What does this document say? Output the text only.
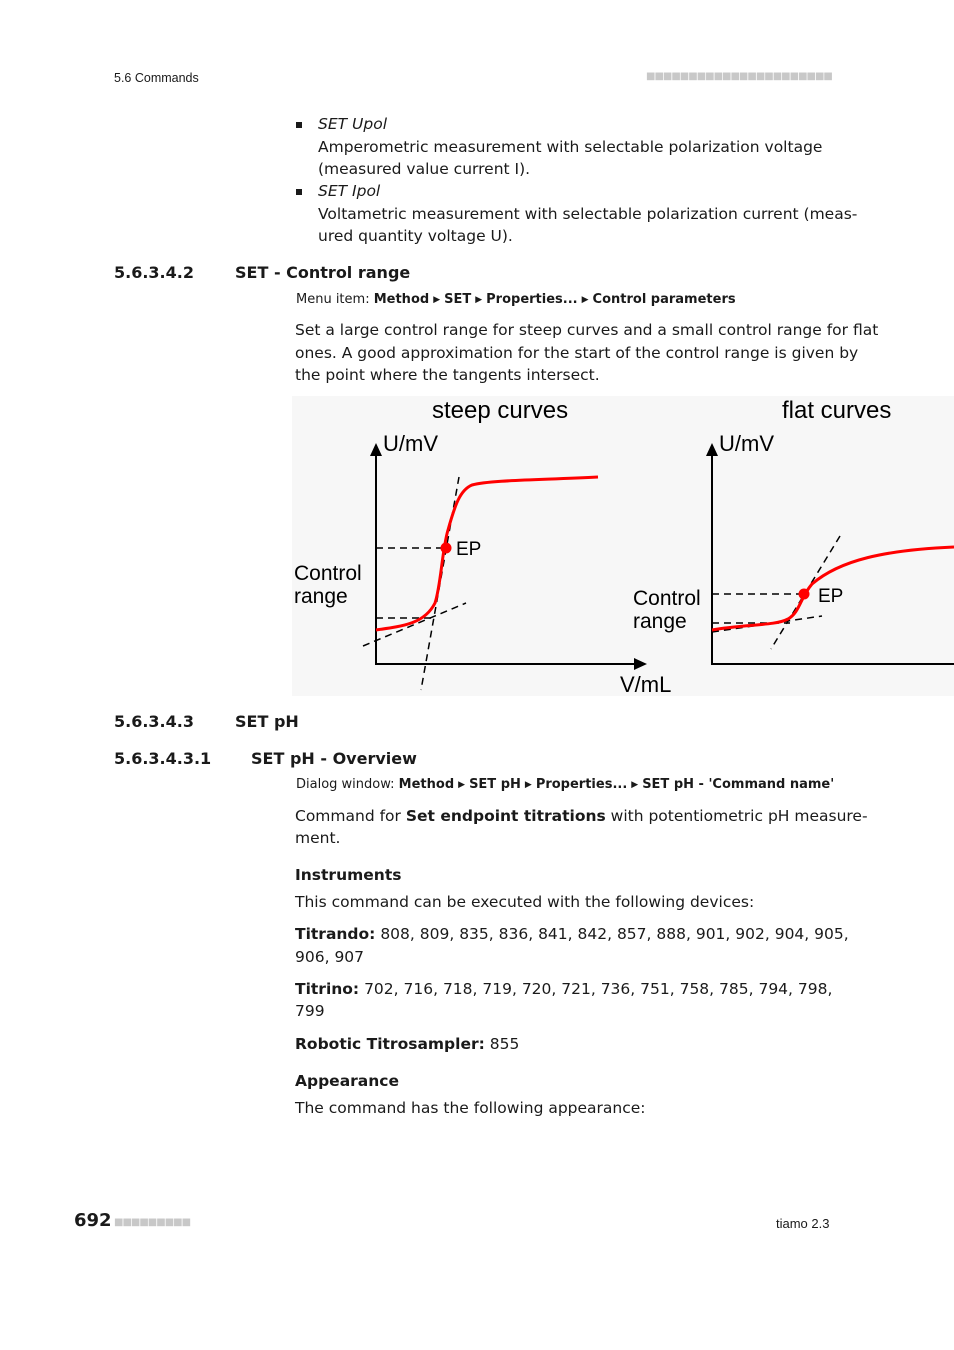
5.6 Commands	■■■■■■■■■■■■■■■■■■■■■■
SET Upol
Amperometric measurement with selectable polarization voltage
(measured value current I).
SET Ipol
Voltametric measurement with selectable polarization current (meas-
ured quantity voltage U).
5.6.3.4.2	SET - Control range
Menu item: Method ▶ SET ▶ Properties... ▶ Control parameters
Set a large control range for steep curves and a small control range for flat
ones. A good approximation for the start of the control range is given by
the point where the tangents intersect.
steep curves
U/mV
V/mL
EP
Control
range
flat curves
U/mV
EP
Control
range
5.6.3.4.3	SET pH
5.6.3.4.3.1 SET pH - Overview
Dialog window: Method ▶ SET pH ▶ Properties... ▶ SET pH - 'Command name'
Command for Set endpoint titrations with potentiometric pH measure-
ment.
Instruments
This command can be executed with the following devices:
Titrando: 808, 809, 835, 836, 841, 842, 857, 888, 901, 902, 904, 905,
906, 907
Titrino: 702, 716, 718, 719, 720, 721, 736, 751, 758, 785, 794, 798,
799
Robotic Titrosampler: 855
Appearance
The command has the following appearance:
692 ■■■■■■■■■	tiamo 2.3
